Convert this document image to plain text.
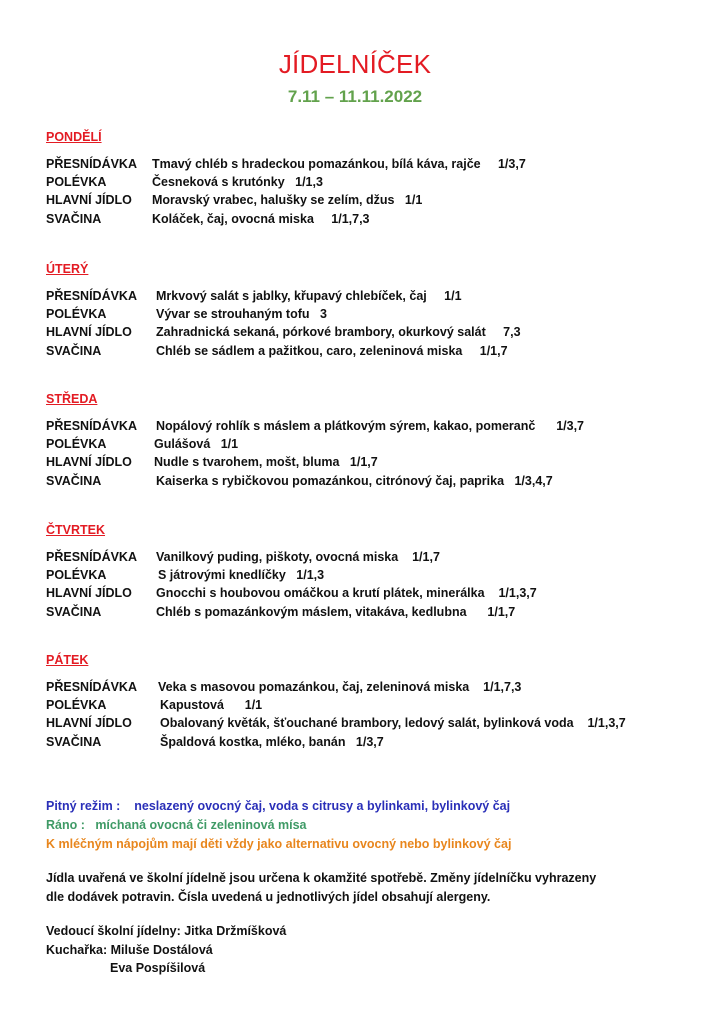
JÍDELNÍČEK
7.11 – 11.11.2022
PONDĚLÍ
PŘESNÍDÁVKA Tmavý chléb s hradeckou pomazánkou, bílá káva, rajče 1/3,7
POLÉVKA	Česneková s krutónky 1/1,3
HLAVNÍ JÍDLO Moravský vrabec, halušky se zelím, džus 1/1
SVAČINA	Koláček, čaj, ovocná miska 1/1,7,3
ÚTERÝ
PŘESNÍDÁVKA Mrkvový salát s jablky, křupavý chlebíček, čaj 1/1
POLÉVKA	Vývar se strouhaným tofu 3
HLAVNÍ JÍDLO Zahradnická sekaná, pórkové brambory, okurkový salát 7,3
SVAČINA	Chléb se sádlem a pažitkou, caro, zeleninová miska 1/1,7
STŘEDA
PŘESNÍDÁVKA Nopálový rohlík s máslem a plátkovým sýrem, kakao, pomeranč 1/3,7
POLÉVKA	Gulášová 1/1
HLAVNÍ JÍDLO Nudle s tvarohem, mošt, bluma 1/1,7
SVAČINA	Kaiserka s rybičkovou pomazánkou, citrónový čaj, paprika 1/3,4,7
ČTVRTEK
PŘESNÍDÁVKA Vanilkový puding, piškoty, ovocná miska 1/1,7
POLÉVKA	S játrovými knedlíčky 1/1,3
HLAVNÍ JÍDLO Gnocchi s houbovou omáčkou a krutí plátek, minerálka 1/1,3,7
SVAČINA	Chléb s pomazánkovým máslem, vitakáva, kedlubna 1/1,7
PÁTEK
PŘESNÍDÁVKA Veka s masovou pomazánkou, čaj, zeleninová miska 1/1,7,3
POLÉVKA	Kapustová 1/1
HLAVNÍ JÍDLO Obalovaný květák, šťouchané brambory, ledový salát, bylinková voda 1/1,3,7
SVAČINA	Špaldová kostka, mléko, banán 1/3,7
Pitný režim : neslazený ovocný čaj, voda s citrusy a bylinkami, bylinkový čaj
Ráno : míchaná ovocná či zeleninová mísa
K mléčným nápojům mají děti vždy jako alternativu ovocný nebo bylinkový čaj
Jídla uvařená ve školní jídelně jsou určena k okamžité spotřebě. Změny jídelníčku vyhrazeny
dle dodávek potravin. Čísla uvedená u jednotlivých jídel obsahují alergeny.
Vedoucí školní jídelny: Jitka Držmíšková
Kuchařka: Miluše Dostálová
Eva Pospíšilová
